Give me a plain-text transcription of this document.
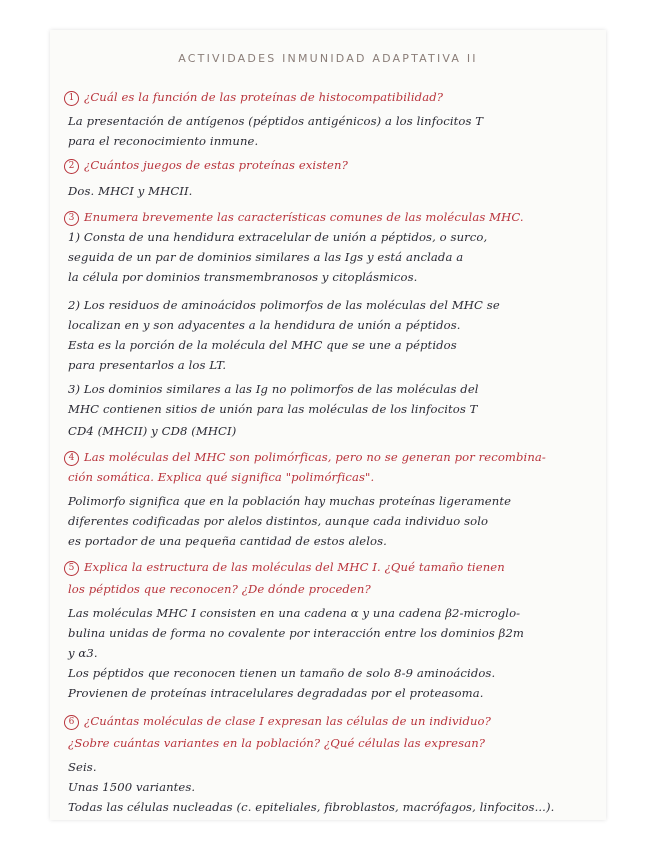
ACTIVIDADES INMUNIDAD ADAPTATIVA II
1 ¿Cuál es la función de las proteínas de histocompatibilidad?
La presentación de antígenos (péptidos antigénicos) a los linfocitos T
para el reconocimiento inmune.
2 ¿Cuántos juegos de estas proteínas existen?
Dos. MHCI y MHCII.
3 Enumera brevemente las características comunes de las moléculas MHC.
1) Consta de una hendidura extracelular de unión a péptidos, o surco,
seguida de un par de dominios similares a las Igs y está anclada a
la célula por dominios transmembranosos y citoplásmicos.
2) Los residuos de aminoácidos polimorfos de las moléculas del MHC se
localizan en y son adyacentes a la hendidura de unión a péptidos.
Esta es la porción de la molécula del MHC que se une a péptidos
para presentarlos a los LT.
3) Los dominios similares a las Ig no polimorfos de las moléculas del
MHC contienen sitios de unión para las moléculas de los linfocitos T
CD4 (MHCII) y CD8 (MHCI)
4 Las moléculas del MHC son polimórficas, pero no se generan por recombina-
ción somática. Explica qué significa "polimórficas".
Polimorfo significa que en la población hay muchas proteínas ligeramente
diferentes codificadas por alelos distintos, aunque cada individuo solo
es portador de una pequeña cantidad de estos alelos.
5 Explica la estructura de las moléculas del MHC I. ¿Qué tamaño tienen
los péptidos que reconocen? ¿De dónde proceden?
Las moléculas MHC I consisten en una cadena α y una cadena β2-microglo-
bulina unidas de forma no covalente por interacción entre los dominios β2m
y α3.
Los péptidos que reconocen tienen un tamaño de solo 8-9 aminoácidos.
Provienen de proteínas intracelulares degradadas por el proteasoma.
6 ¿Cuántas moléculas de clase I expresan las células de un individuo?
¿Sobre cuántas variantes en la población? ¿Qué células las expresan?
Seis.
Unas 1500 variantes.
Todas las células nucleadas (c. epiteliales, fibroblastos, macrófagos, linfocitos...).
